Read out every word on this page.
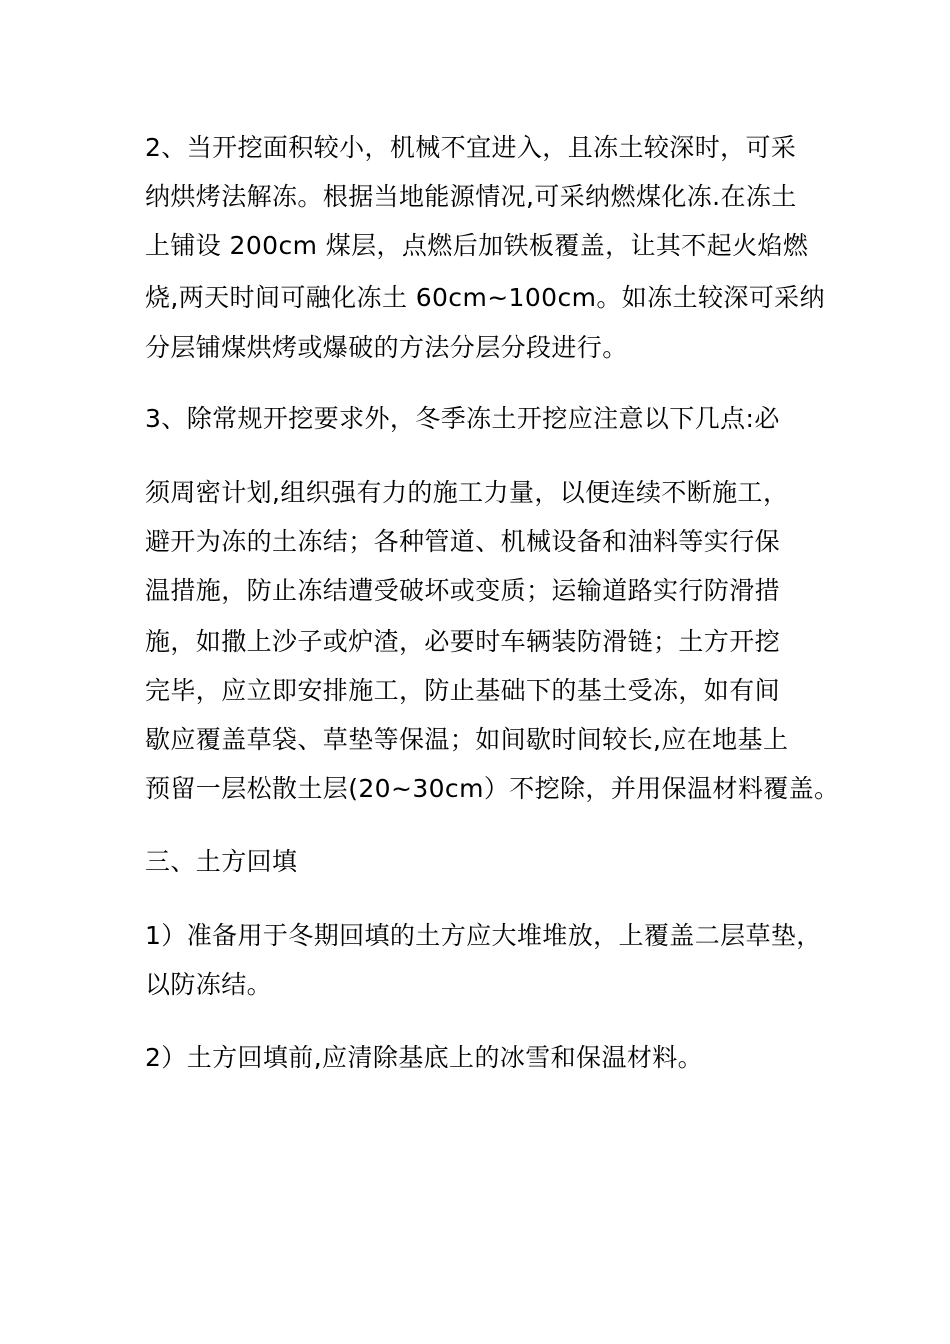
2、当开挖面积较小，机械不宜进入，且冻土较深时，可采
纳烘烤法解冻。根据当地能源情况,可采纳燃煤化冻.在冻土
上铺设 200cm 煤层，点燃后加铁板覆盖，让其不起火焰燃
烧,两天时间可融化冻土 60cm~100cm。如冻土较深可采纳
分层铺煤烘烤或爆破的方法分层分段进行。
3、除常规开挖要求外，冬季冻土开挖应注意以下几点:必
须周密计划,组织强有力的施工力量，以便连续不断施工，
避开为冻的土冻结；各种管道、机械设备和油料等实行保
温措施，防止冻结遭受破坏或变质；运输道路实行防滑措
施，如撒上沙子或炉渣，必要时车辆装防滑链；土方开挖
完毕，应立即安排施工，防止基础下的基土受冻，如有间
歇应覆盖草袋、草垫等保温；如间歇时间较长,应在地基上
预留一层松散土层(20~30cm）不挖除，并用保温材料覆盖。
三、土方回填
1）准备用于冬期回填的土方应大堆堆放，上覆盖二层草垫，
以防冻结。
2）土方回填前,应清除基底上的冰雪和保温材料。
